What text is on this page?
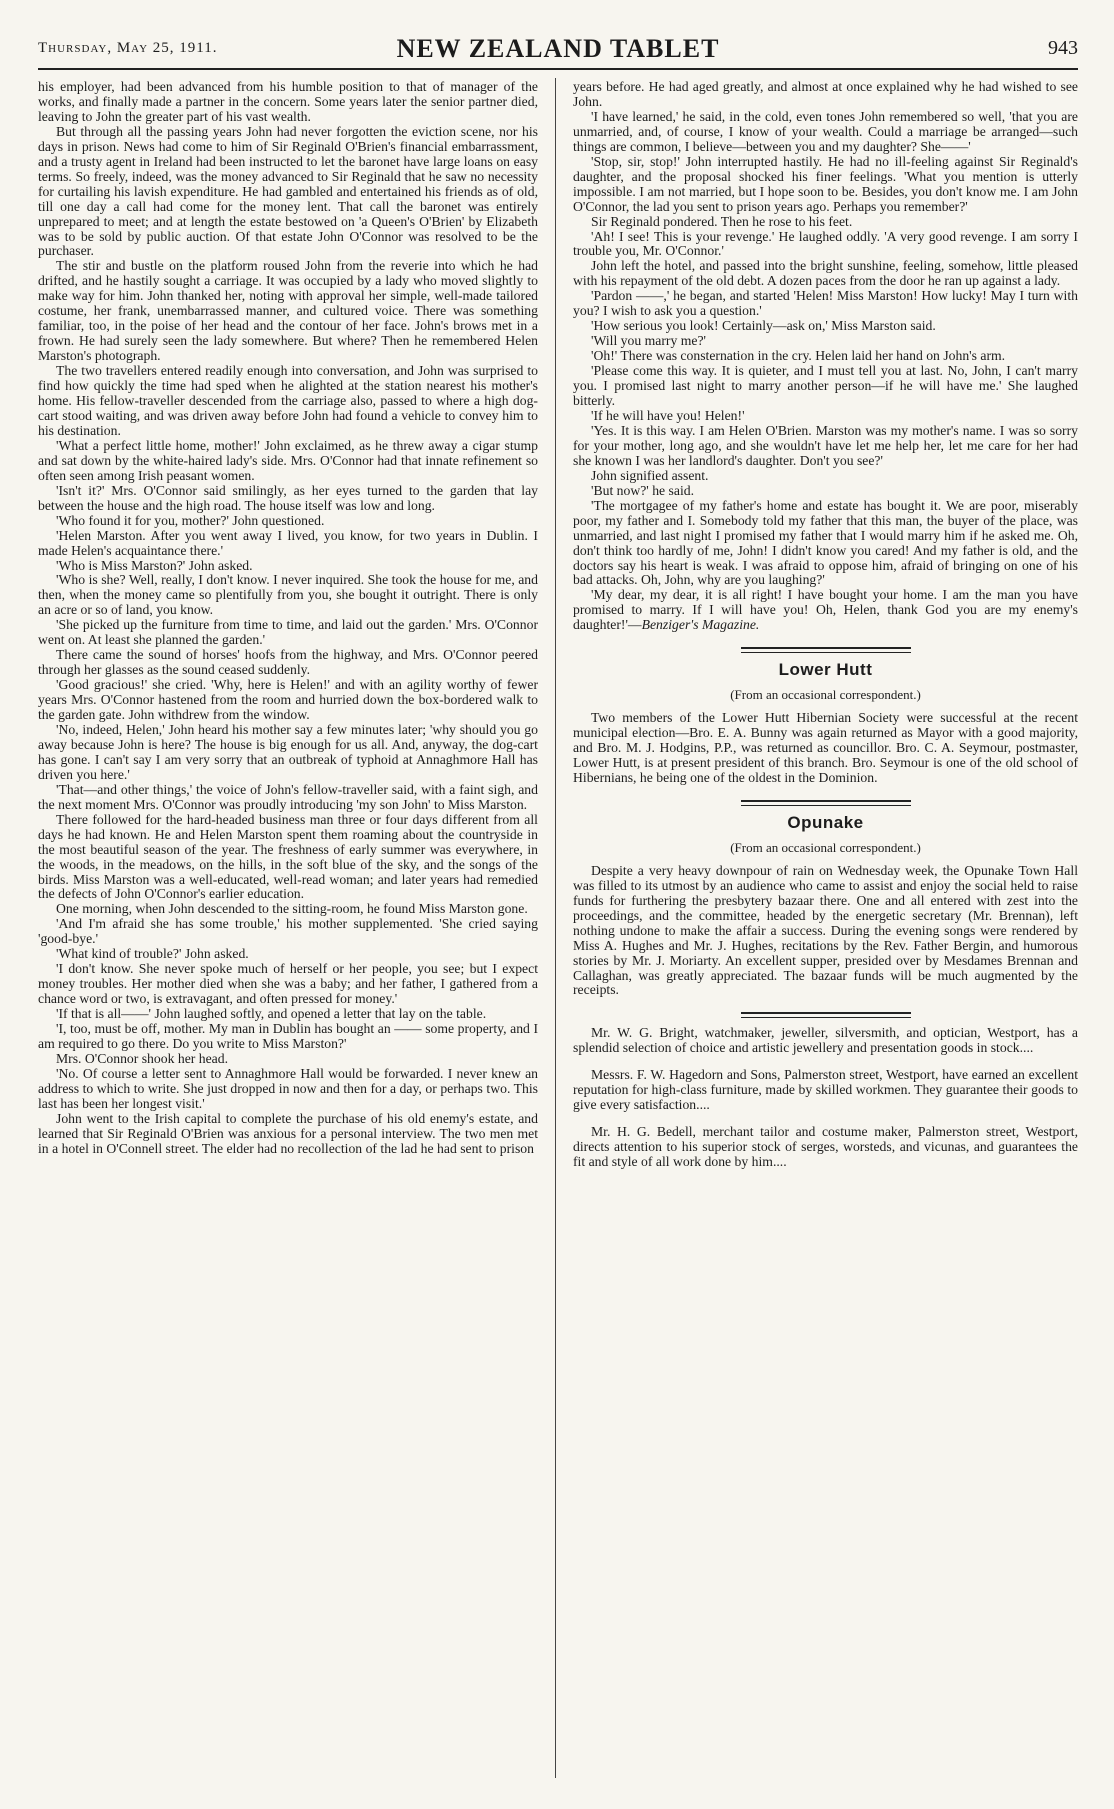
Thursday, May 25, 1911.	NEW ZEALAND TABLET	943

his employer, had been advanced from his humble position to that of manager of the works, and finally made a partner in the concern. Some years later the senior partner died, leaving to John the greater part of his vast wealth.

But through all the passing years John had never forgotten the eviction scene, nor his days in prison. News had come to him of Sir Reginald O'Brien's financial embarrassment, and a trusty agent in Ireland had been instructed to let the baronet have large loans on easy terms. So freely, indeed, was the money advanced to Sir Reginald that he saw no necessity for curtailing his lavish expenditure. He had gambled and entertained his friends as of old, till one day a call had come for the money lent. That call the baronet was entirely unprepared to meet; and at length the estate bestowed on 'a Queen's O'Brien' by Elizabeth was to be sold by public auction. Of that estate John O'Connor was resolved to be the purchaser.

The stir and bustle on the platform roused John from the reverie into which he had drifted, and he hastily sought a carriage. It was occupied by a lady who moved slightly to make way for him. John thanked her, noting with approval her simple, well-made tailored costume, her frank, unembarrassed manner, and cultured voice. There was something familiar, too, in the poise of her head and the contour of her face. John's brows met in a frown. He had surely seen the lady somewhere. But where? Then he remembered Helen Marston's photograph.

The two travellers entered readily enough into conversation, and John was surprised to find how quickly the time had sped when he alighted at the station nearest his mother's home. His fellow-traveller descended from the carriage also, passed to where a high dog-cart stood waiting, and was driven away before John had found a vehicle to convey him to his destination.

'What a perfect little home, mother!' John exclaimed, as he threw away a cigar stump and sat down by the white-haired lady's side. Mrs. O'Connor had that innate refinement so often seen among Irish peasant women.

'Isn't it?' Mrs. O'Connor said smilingly, as her eyes turned to the garden that lay between the house and the high road. The house itself was low and long.

'Who found it for you, mother?' John questioned.

'Helen Marston. After you went away I lived, you know, for two years in Dublin. I made Helen's acquaintance there.'

'Who is Miss Marston?' John asked.

'Who is she? Well, really, I don't know. I never inquired. She took the house for me, and then, when the money came so plentifully from you, she bought it outright. There is only an acre or so of land, you know.

'She picked up the furniture from time to time, and laid out the garden.' Mrs. O'Connor went on. At least she planned the garden.'

There came the sound of horses' hoofs from the highway, and Mrs. O'Connor peered through her glasses as the sound ceased suddenly.

'Good gracious!' she cried. 'Why, here is Helen!' and with an agility worthy of fewer years Mrs. O'Connor hastened from the room and hurried down the box-bordered walk to the garden gate. John withdrew from the window.

'No, indeed, Helen,' John heard his mother say a few minutes later; 'why should you go away because John is here? The house is big enough for us all. And, anyway, the dog-cart has gone. I can't say I am very sorry that an outbreak of typhoid at Annaghmore Hall has driven you here.'

'That—and other things,' the voice of John's fellow-traveller said, with a faint sigh, and the next moment Mrs. O'Connor was proudly introducing 'my son John' to Miss Marston.

There followed for the hard-headed business man three or four days different from all days he had known. He and Helen Marston spent them roaming about the countryside in the most beautiful season of the year. The freshness of early summer was everywhere, in the woods, in the meadows, on the hills, in the soft blue of the sky, and the songs of the birds. Miss Marston was a well-educated, well-read woman; and later years had remedied the defects of John O'Connor's earlier education.

One morning, when John descended to the sitting-room, he found Miss Marston gone.

'And I'm afraid she has some trouble,' his mother supplemented. 'She cried saying 'good-bye.'

'What kind of trouble?' John asked.

'I don't know. She never spoke much of herself or her people, you see; but I expect money troubles. Her mother died when she was a baby; and her father, I gathered from a chance word or two, is extravagant, and often pressed for money.'

'If that is all——' John laughed softly, and opened a letter that lay on the table.

'I, too, must be off, mother. My man in Dublin has bought an —— some property, and I am required to go there. Do you write to Miss Marston?'

Mrs. O'Connor shook her head.

'No. Of course a letter sent to Annaghmore Hall would be forwarded. I never knew an address to which to write. She just dropped in now and then for a day, or perhaps two. This last has been her longest visit.'

John went to the Irish capital to complete the purchase of his old enemy's estate, and learned that Sir Reginald O'Brien was anxious for a personal interview. The two men met in a hotel in O'Connell street. The elder had no recollection of the lad he had sent to prison

years before. He had aged greatly, and almost at once explained why he had wished to see John.

'I have learned,' he said, in the cold, even tones John remembered so well, 'that you are unmarried, and, of course, I know of your wealth. Could a marriage be arranged—such things are common, I believe—between you and my daughter? She——'

'Stop, sir, stop!' John interrupted hastily. He had no ill-feeling against Sir Reginald's daughter, and the proposal shocked his finer feelings. 'What you mention is utterly impossible. I am not married, but I hope soon to be. Besides, you don't know me. I am John O'Connor, the lad you sent to prison years ago. Perhaps you remember?'

Sir Reginald pondered. Then he rose to his feet.

'Ah! I see! This is your revenge.' He laughed oddly. 'A very good revenge. I am sorry I trouble you, Mr. O'Connor.'

John left the hotel, and passed into the bright sunshine, feeling, somehow, little pleased with his repayment of the old debt. A dozen paces from the door he ran up against a lady.

'Pardon ——,' he began, and started 'Helen! Miss Marston! How lucky! May I turn with you? I wish to ask you a question.'

'How serious you look! Certainly—ask on,' Miss Marston said.

'Will you marry me?'

'Oh!' There was consternation in the cry. Helen laid her hand on John's arm.

'Please come this way. It is quieter, and I must tell you at last. No, John, I can't marry you. I promised last night to marry another person—if he will have me.' She laughed bitterly.

'If he will have you! Helen!'

'Yes. It is this way. I am Helen O'Brien. Marston was my mother's name. I was so sorry for your mother, long ago, and she wouldn't have let me help her, let me care for her had she known I was her landlord's daughter. Don't you see?'

John signified assent.

'But now?' he said.

'The mortgagee of my father's home and estate has bought it. We are poor, miserably poor, my father and I. Somebody told my father that this man, the buyer of the place, was unmarried, and last night I promised my father that I would marry him if he asked me. Oh, don't think too hardly of me, John! I didn't know you cared! And my father is old, and the doctors say his heart is weak. I was afraid to oppose him, afraid of bringing on one of his bad attacks. Oh, John, why are you laughing?'

'My dear, my dear, it is all right! I have bought your home. I am the man you have promised to marry. If I will have you! Oh, Helen, thank God you are my enemy's daughter!'—Benziger's Magazine.

Lower Hutt
(From an occasional correspondent.)

Two members of the Lower Hutt Hibernian Society were successful at the recent municipal election—Bro. E. A. Bunny was again returned as Mayor with a good majority, and Bro. M. J. Hodgins, P.P., was returned as councillor. Bro. C. A. Seymour, postmaster, Lower Hutt, is at present president of this branch. Bro. Seymour is one of the old school of Hibernians, he being one of the oldest in the Dominion.

Opunake
(From an occasional correspondent.)

Despite a very heavy downpour of rain on Wednesday week, the Opunake Town Hall was filled to its utmost by an audience who came to assist and enjoy the social held to raise funds for furthering the presbytery bazaar there. One and all entered with zest into the proceedings, and the committee, headed by the energetic secretary (Mr. Brennan), left nothing undone to make the affair a success. During the evening songs were rendered by Miss A. Hughes and Mr. J. Hughes, recitations by the Rev. Father Bergin, and humorous stories by Mr. J. Moriarty. An excellent supper, presided over by Mesdames Brennan and Callaghan, was greatly appreciated. The bazaar funds will be much augmented by the receipts.

Mr. W. G. Bright, watchmaker, jeweller, silversmith, and optician, Westport, has a splendid selection of choice and artistic jewellery and presentation goods in stock....

Messrs. F. W. Hagedorn and Sons, Palmerston street, Westport, have earned an excellent reputation for high-class furniture, made by skilled workmen. They guarantee their goods to give every satisfaction....

Mr. H. G. Bedell, merchant tailor and costume maker, Palmerston street, Westport, directs attention to his superior stock of serges, worsteds, and vicunas, and guarantees the fit and style of all work done by him....
